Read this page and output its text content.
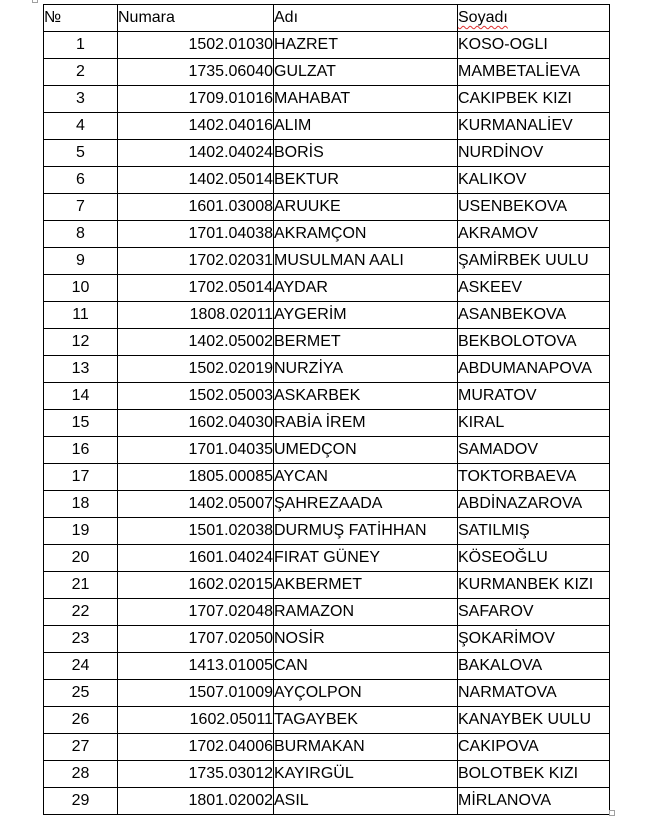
№	Numara	Adı	Soyadı
1	1502.01030	HAZRET	KOSO-OGLI
2	1735.06040	GULZAT	MAMBETALİEVA
3	1709.01016	MAHABAT	CAKIPBEK KIZI
4	1402.04016	ALIM	KURMANALİEV
5	1402.04024	BORİS	NURDİNOV
6	1402.05014	BEKTUR	KALIKOV
7	1601.03008	ARUUKE	USENBEKOVA
8	1701.04038	AKRAMÇON	AKRAMOV
9	1702.02031	MUSULMAN AALI	ŞAMİRBEK UULU
10	1702.05014	AYDAR	ASKEEV
11	1808.02011	AYGERİM	ASANBEKOVA
12	1402.05002	BERMET	BEKBOLOTOVA
13	1502.02019	NURZİYA	ABDUMANAPOVA
14	1502.05003	ASKARBEK	MURATOV
15	1602.04030	RABİA İREM	KIRAL
16	1701.04035	UMEDÇON	SAMADOV
17	1805.00085	AYCAN	TOKTORBAEVA
18	1402.05007	ŞAHREZAADA	ABDİNAZAROVA
19	1501.02038	DURMUŞ FATİHHAN	SATILMIŞ
20	1601.04024	FIRAT GÜNEY	KÖSEOĞLU
21	1602.02015	AKBERMET	KURMANBEK KIZI
22	1707.02048	RAMAZON	SAFAROV
23	1707.02050	NOSİR	ŞOKARİMOV
24	1413.01005	CAN	BAKALOVA
25	1507.01009	AYÇOLPON	NARMATOVA
26	1602.05011	TAGAYBEK	KANAYBEK UULU
27	1702.04006	BURMAKAN	CAKIPOVA
28	1735.03012	KAYIRGÜL	BOLOTBEK KIZI
29	1801.02002	ASIL	MİRLANOVA
